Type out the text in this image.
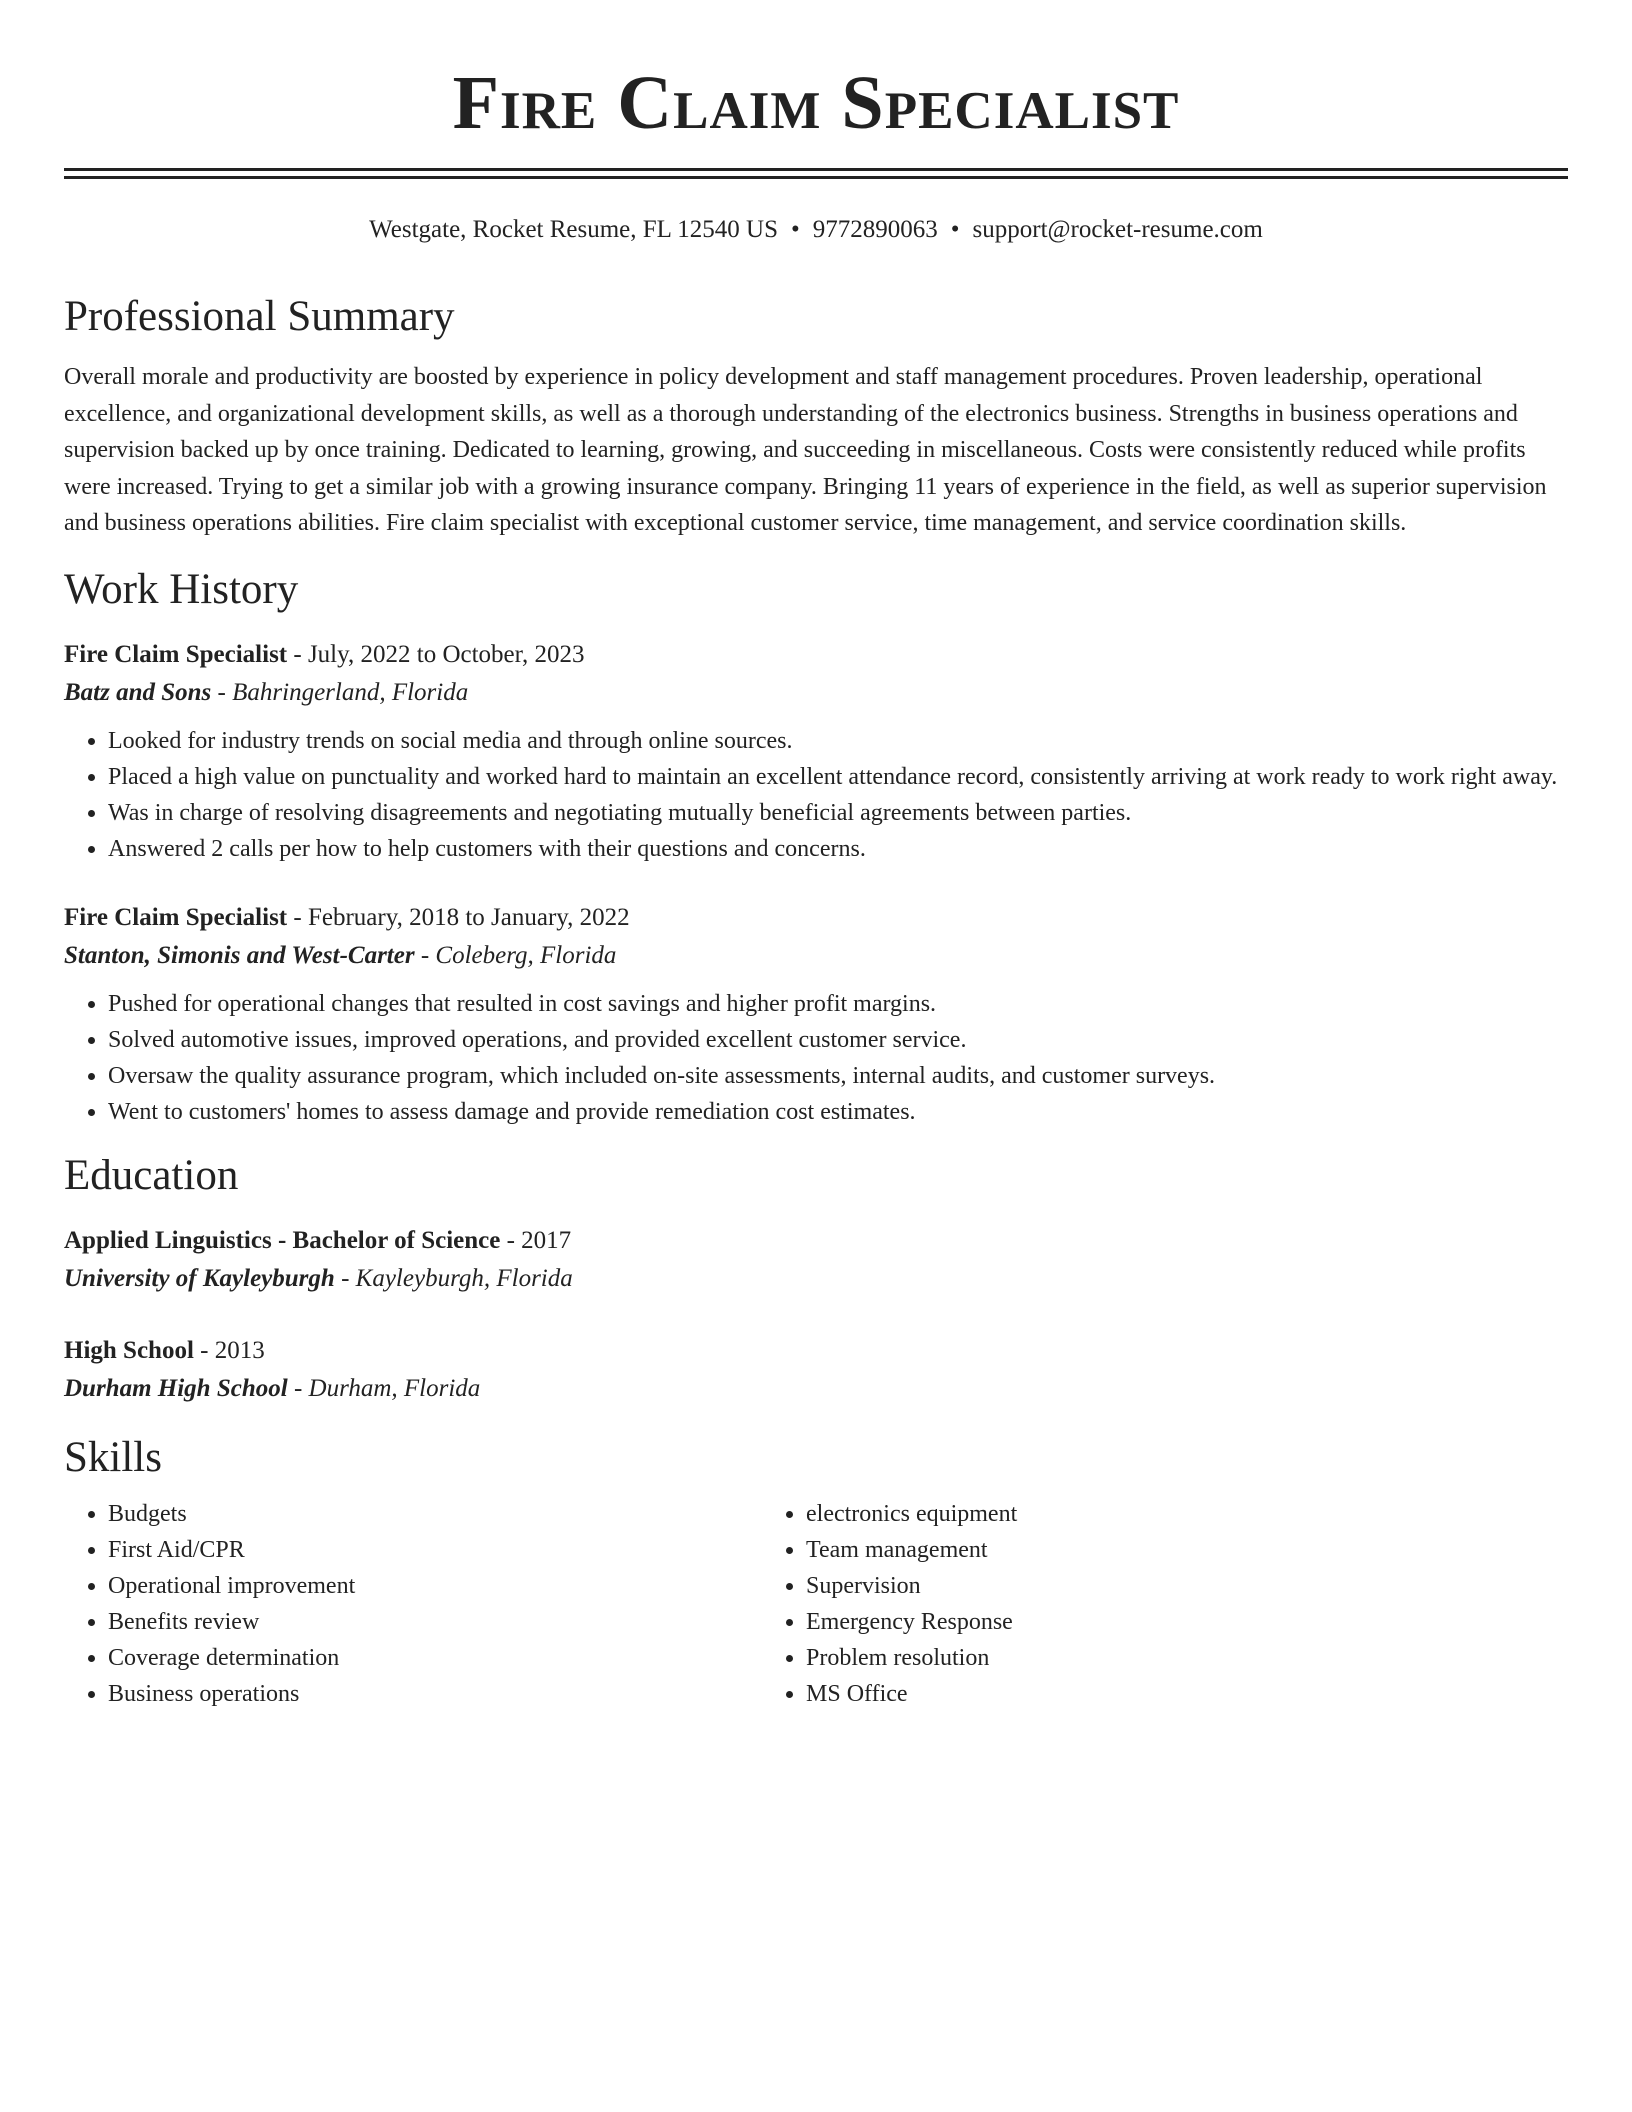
Fire Claim Specialist
Westgate, Rocket Resume, FL 12540 US • 9772890063 • support@rocket-resume.com
Professional Summary
Overall morale and productivity are boosted by experience in policy development and staff management procedures. Proven leadership, operational excellence, and organizational development skills, as well as a thorough understanding of the electronics business. Strengths in business operations and supervision backed up by once training. Dedicated to learning, growing, and succeeding in miscellaneous. Costs were consistently reduced while profits were increased. Trying to get a similar job with a growing insurance company. Bringing 11 years of experience in the field, as well as superior supervision and business operations abilities. Fire claim specialist with exceptional customer service, time management, and service coordination skills.
Work History
Fire Claim Specialist - July, 2022 to October, 2023
Batz and Sons - Bahringerland, Florida
• Looked for industry trends on social media and through online sources.
• Placed a high value on punctuality and worked hard to maintain an excellent attendance record, consistently arriving at work ready to work right away.
• Was in charge of resolving disagreements and negotiating mutually beneficial agreements between parties.
• Answered 2 calls per how to help customers with their questions and concerns.
Fire Claim Specialist - February, 2018 to January, 2022
Stanton, Simonis and West-Carter - Coleberg, Florida
• Pushed for operational changes that resulted in cost savings and higher profit margins.
• Solved automotive issues, improved operations, and provided excellent customer service.
• Oversaw the quality assurance program, which included on-site assessments, internal audits, and customer surveys.
• Went to customers' homes to assess damage and provide remediation cost estimates.
Education
Applied Linguistics - Bachelor of Science - 2017
University of Kayleyburgh - Kayleyburgh, Florida
High School - 2013
Durham High School - Durham, Florida
Skills
• Budgets
• First Aid/CPR
• Operational improvement
• Benefits review
• Coverage determination
• Business operations
• electronics equipment
• Team management
• Supervision
• Emergency Response
• Problem resolution
• MS Office
